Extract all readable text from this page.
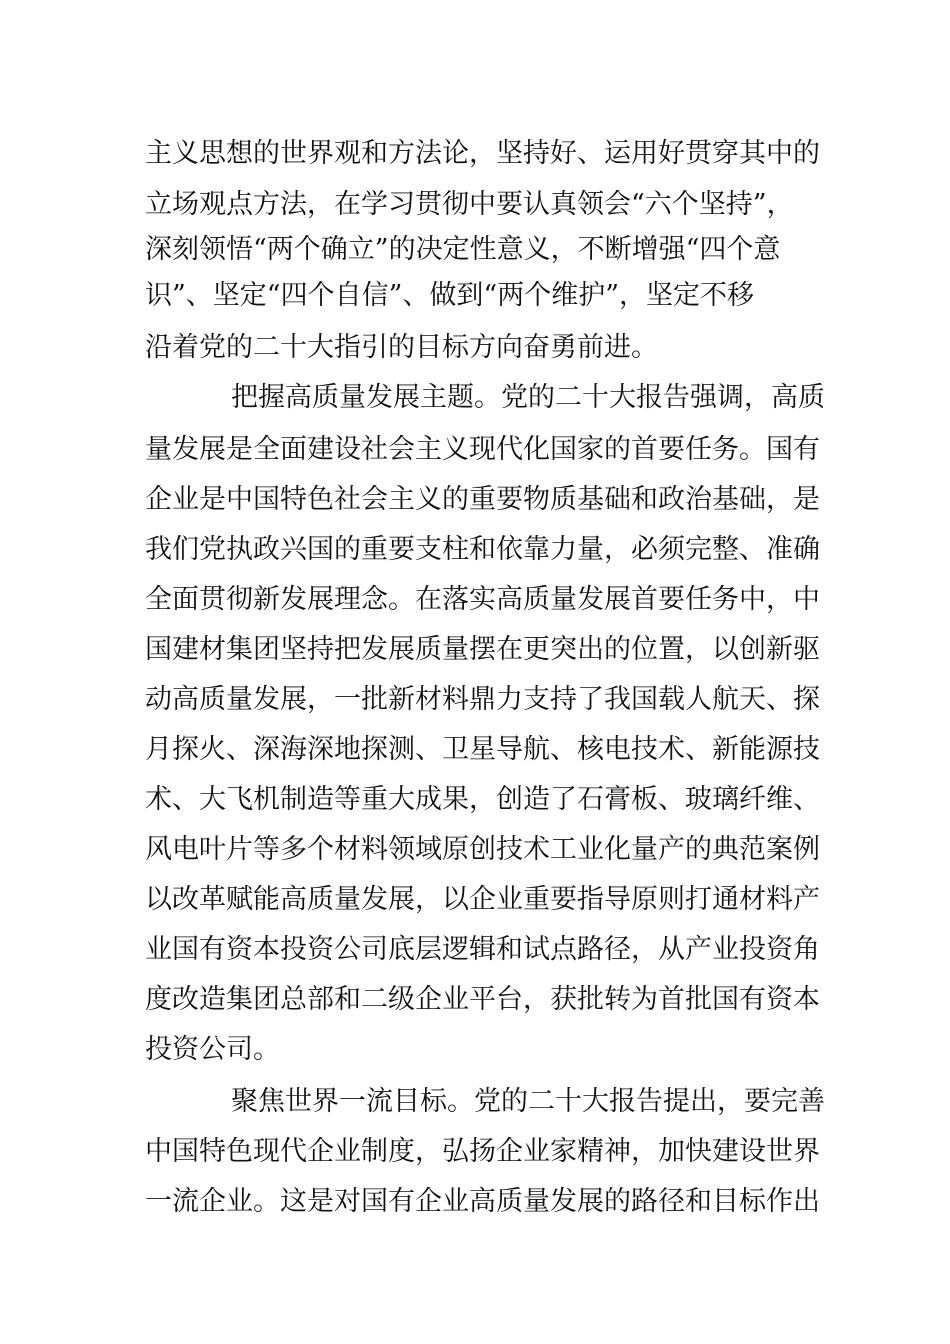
主义思想的世界观和方法论，坚持好、运用好贯穿其中的
立场观点方法，在学习贯彻中要认真领会“六个坚持”，
深刻领悟“两个确立”的决定性意义，不断增强“四个意
识”、坚定“四个自信”、做到“两个维护”，坚定不移
沿着党的二十大指引的目标方向奋勇前进。
把握高质量发展主题。党的二十大报告强调，高质
量发展是全面建设社会主义现代化国家的首要任务。国有
企业是中国特色社会主义的重要物质基础和政治基础，是
我们党执政兴国的重要支柱和依靠力量，必须完整、准确
全面贯彻新发展理念。在落实高质量发展首要任务中，中
国建材集团坚持把发展质量摆在更突出的位置，以创新驱
动高质量发展，一批新材料鼎力支持了我国载人航天、探
月探火、深海深地探测、卫星导航、核电技术、新能源技
术、大飞机制造等重大成果，创造了石膏板、玻璃纤维、
风电叶片等多个材料领域原创技术工业化量产的典范案例
以改革赋能高质量发展，以企业重要指导原则打通材料产
业国有资本投资公司底层逻辑和试点路径，从产业投资角
度改造集团总部和二级企业平台，获批转为首批国有资本
投资公司。
聚焦世界一流目标。党的二十大报告提出，要完善
中国特色现代企业制度，弘扬企业家精神，加快建设世界
一流企业。这是对国有企业高质量发展的路径和目标作出
